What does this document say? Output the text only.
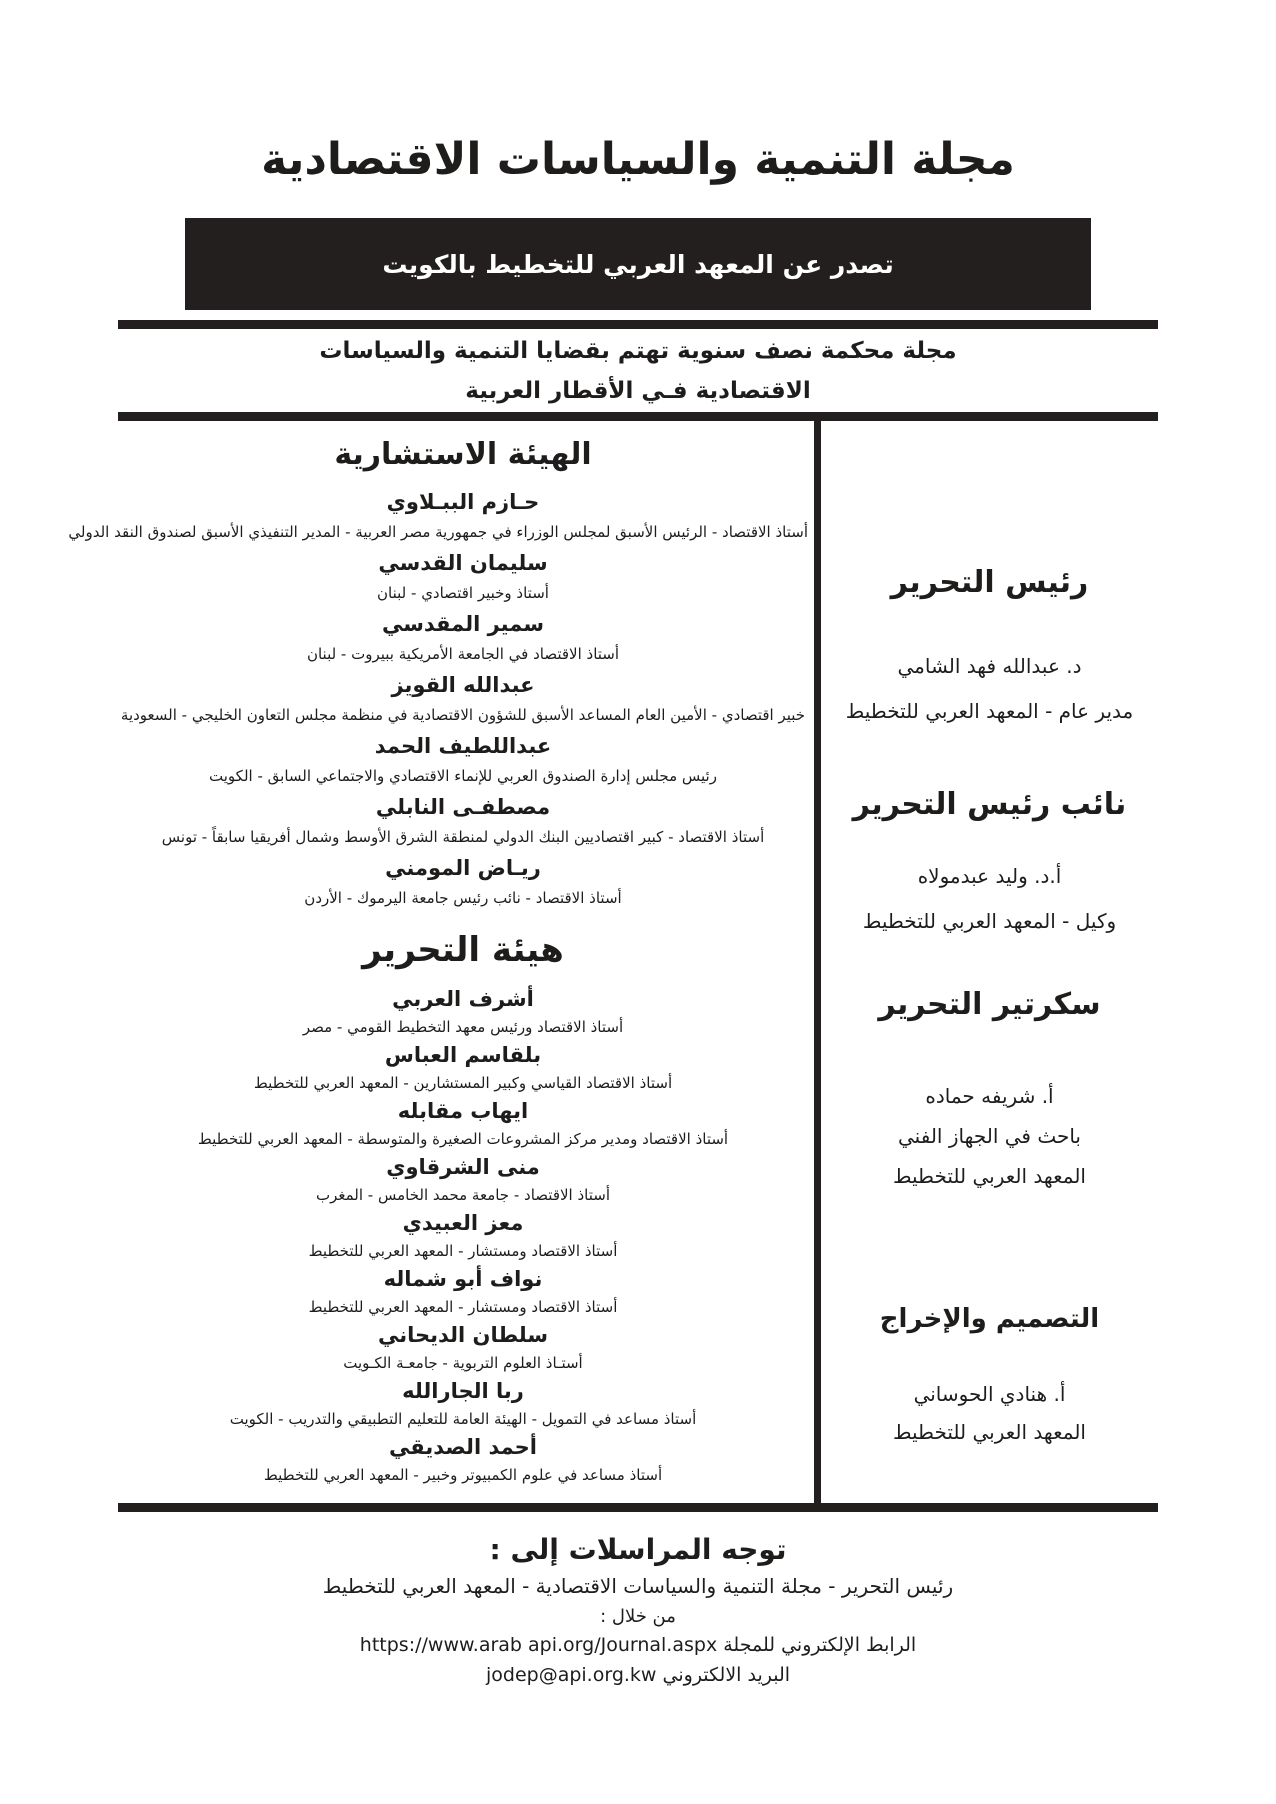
مجلة التنمية والسياسات الاقتصادية
تصدر عن المعهد العربي للتخطيط بالكويت
مجلة محكمة نصف سنوية تهتم بقضايا التنمية والسياسات
الاقتصادية فـي الأقطار العربية
رئيس التحرير
د. عبدالله فهد الشامي
مدير عام - المعهد العربي للتخطيط
نائب رئيس التحرير
أ.د. وليد عبدمولاه
وكيل - المعهد العربي للتخطيط
سكرتير التحرير
أ. شريفه حماده
باحث في الجهاز الفني
المعهد العربي للتخطيط
التصميم والإخراج
أ. هنادي الحوساني
المعهد العربي للتخطيط
الهيئة الاستشارية
حـازم الببـلاوي
أستاذ الاقتصاد - الرئيس الأسبق لمجلس الوزراء في جمهورية مصر العربية - المدير التنفيذي الأسبق لصندوق النقد الدولي
سليمان القدسي
أستاذ وخبير اقتصادي - لبنان
سمير المقدسي
أستاذ الاقتصاد في الجامعة الأمريكية ببيروت - لبنان
عبدالله القويز
خبير اقتصادي - الأمين العام المساعد الأسبق للشؤون الاقتصادية في منظمة مجلس التعاون الخليجي - السعودية
عبداللطيف الحمد
رئيس مجلس إدارة الصندوق العربي للإنماء الاقتصادي والاجتماعي السابق - الكويت
مصطفـى النابلي
أستاذ الاقتصاد - كبير اقتصاديين البنك الدولي لمنطقة الشرق الأوسط وشمال أفريقيا سابقاً - تونس
ريـاض المومني
أستاذ الاقتصاد - نائب رئيس جامعة اليرموك - الأردن
هيئة التحرير
أشرف العربي
أستاذ الاقتصاد ورئيس معهد التخطيط القومي - مصر
بلقاسم العباس
أستاذ الاقتصاد القياسي وكبير المستشارين - المعهد العربي للتخطيط
ايهاب مقابله
أستاذ الاقتصاد ومدير مركز المشروعات الصغيرة والمتوسطة - المعهد العربي للتخطيط
منى الشرقاوي
أستاذ الاقتصاد - جامعة محمد الخامس - المغرب
معز العبيدي
أستاذ الاقتصاد ومستشار - المعهد العربي للتخطيط
نواف أبو شماله
أستاذ الاقتصاد ومستشار - المعهد العربي للتخطيط
سلطان الديحاني
أستـاذ العلوم التربوية - جامعـة الكـويت
ربا الجارالله
أستاذ مساعد في التمويل - الهيئة العامة للتعليم التطبيقي والتدريب - الكويت
أحمد الصديقي
أستاذ مساعد في علوم الكمبيوتر وخبير - المعهد العربي للتخطيط
توجه المراسلات إلى :
رئيس التحرير - مجلة التنمية والسياسات الاقتصادية - المعهد العربي للتخطيط
من خلال :
الرابط الإلكتروني للمجلة https://www.arab api.org/Journal.aspx
البريد الالكتروني jodep@api.org.kw
